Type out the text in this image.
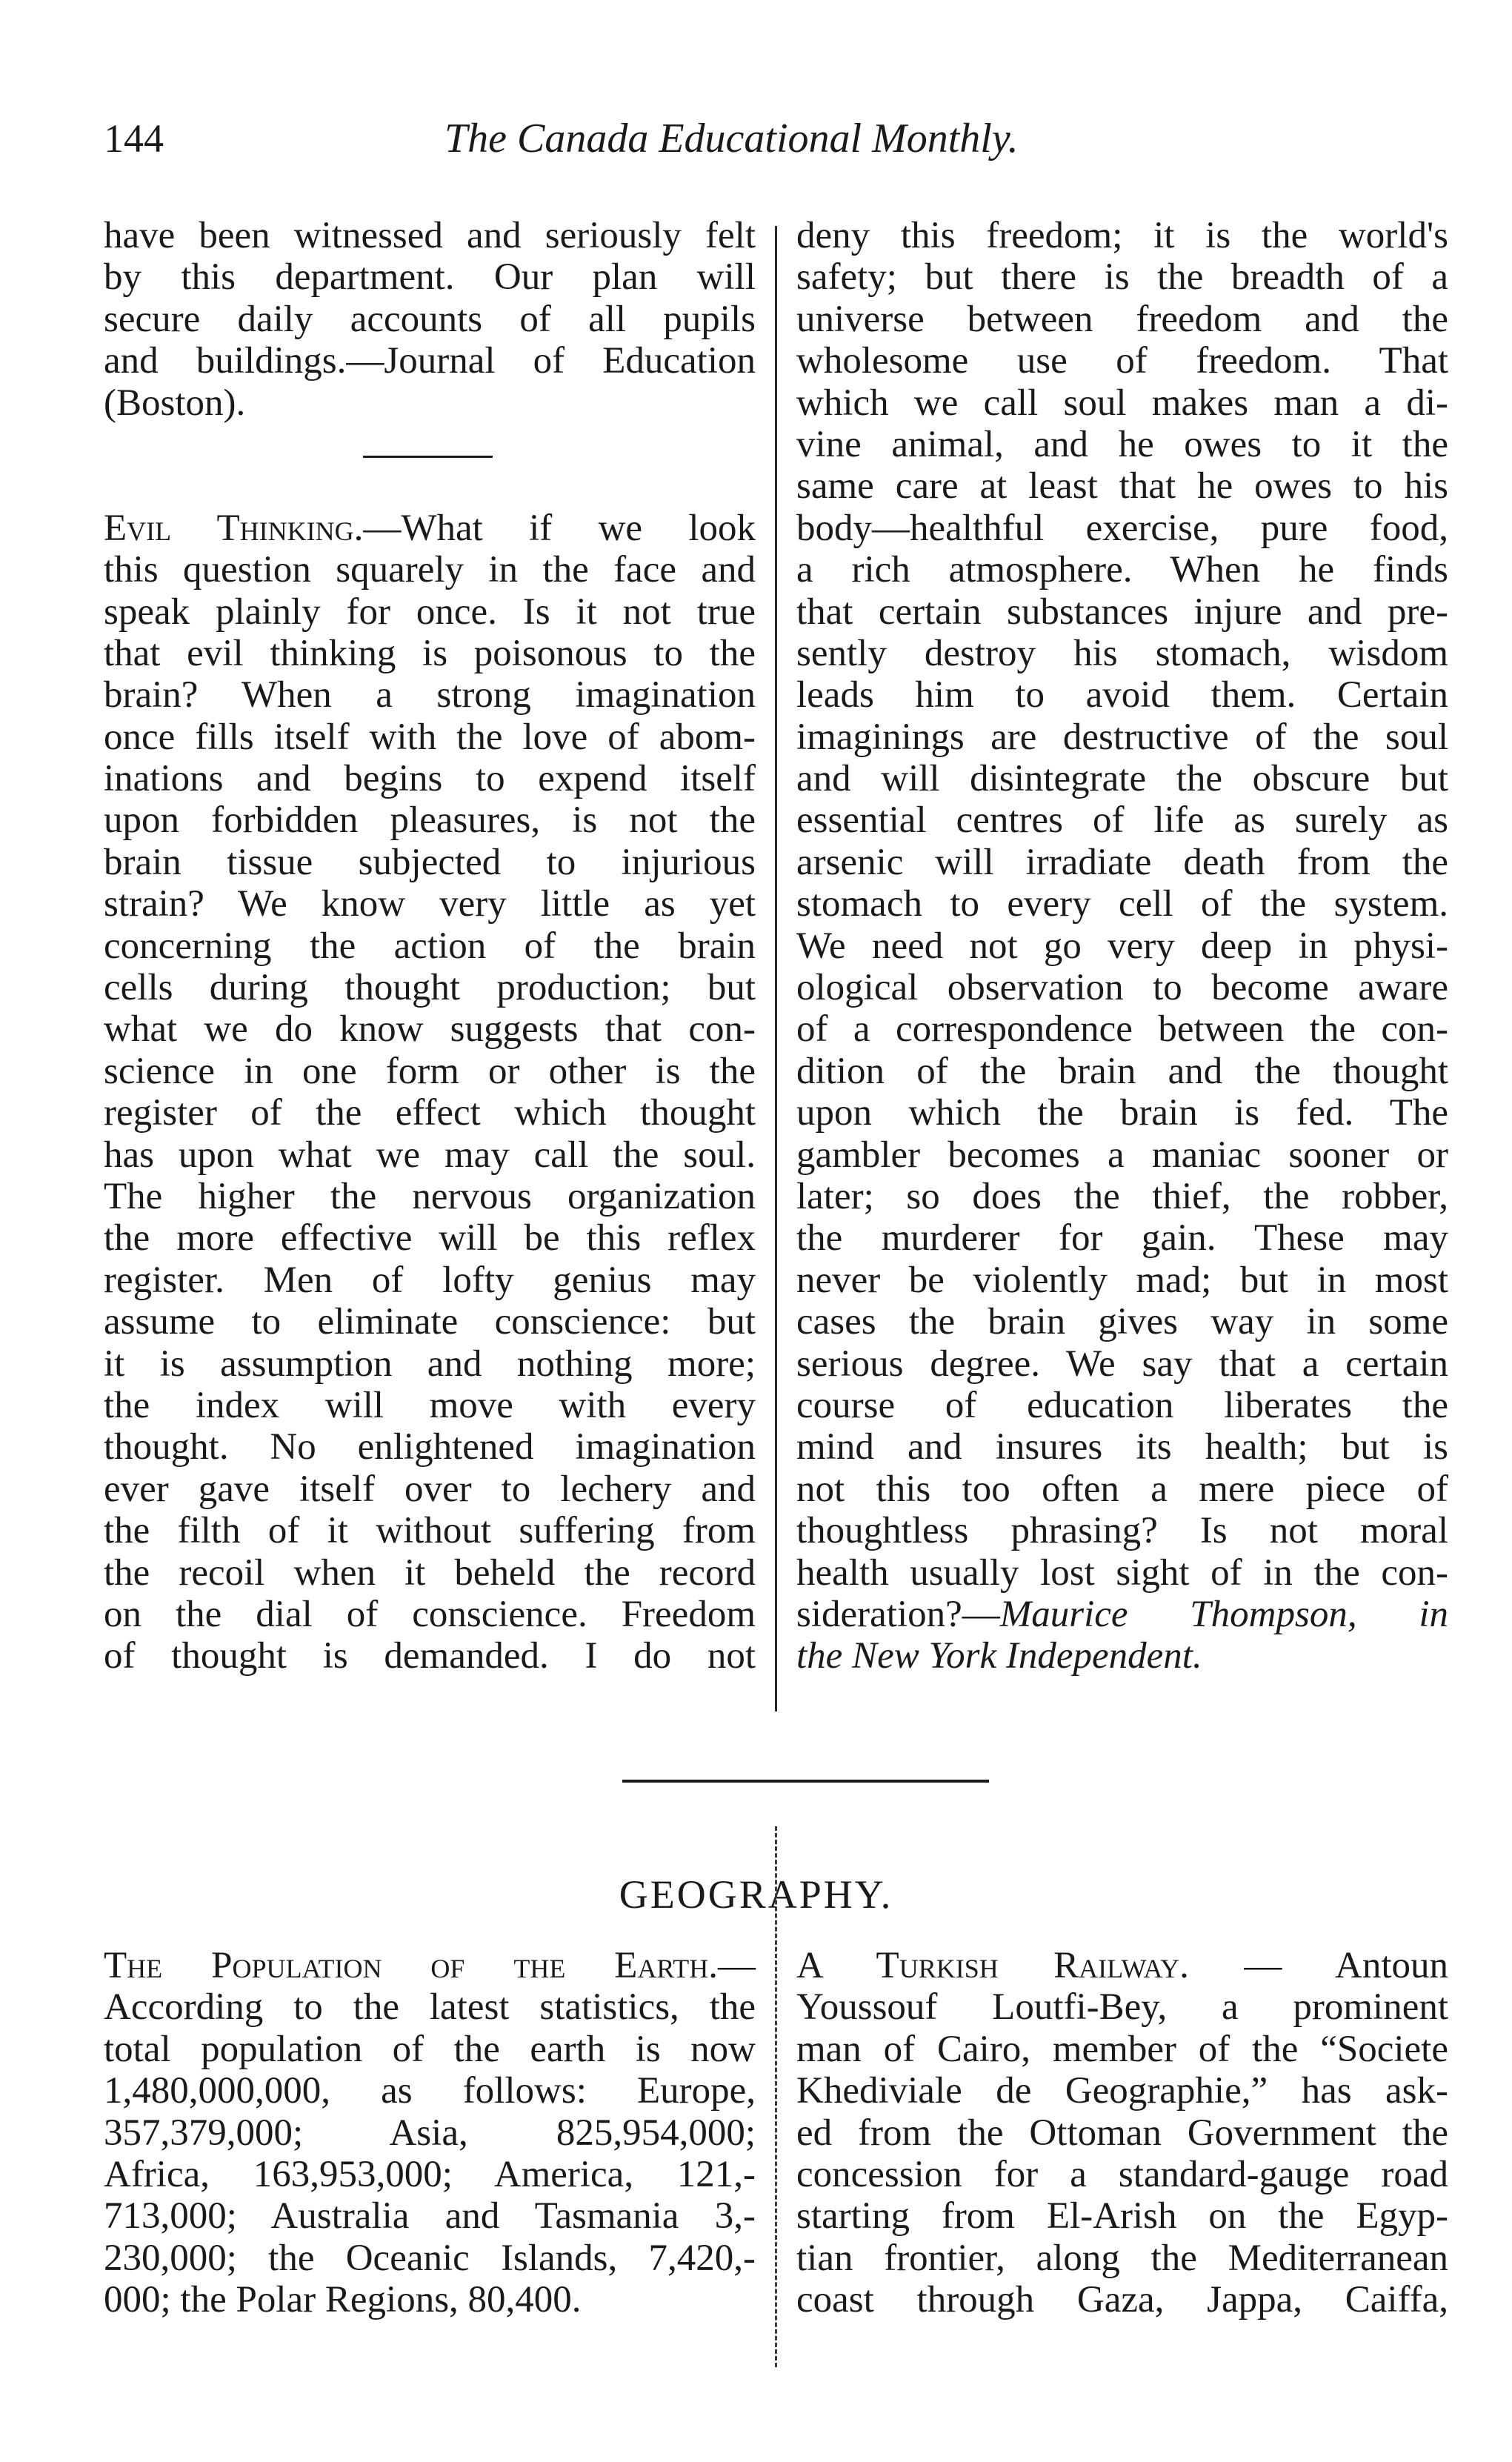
144	The Canada Educational Monthly.
have been witnessed and seriously felt
by this department. Our plan will
secure daily accounts of all pupils
and buildings.—Journal of Education
(Boston).
Evil Thinking.—What if we look
this question squarely in the face and
speak plainly for once. Is it not true
that evil thinking is poisonous to the
brain? When a strong imagination
once fills itself with the love of abom-
inations and begins to expend itself
upon forbidden pleasures, is not the
brain tissue subjected to injurious
strain? We know very little as yet
concerning the action of the brain
cells during thought production; but
what we do know suggests that con-
science in one form or other is the
register of the effect which thought
has upon what we may call the soul.
The higher the nervous organization
the more effective will be this reflex
register. Men of lofty genius may
assume to eliminate conscience: but
it is assumption and nothing more;
the index will move with every
thought. No enlightened imagination
ever gave itself over to lechery and
the filth of it without suffering from
the recoil when it beheld the record
on the dial of conscience. Freedom
of thought is demanded. I do not
deny this freedom; it is the world's
safety; but there is the breadth of a
universe between freedom and the
wholesome use of freedom. That
which we call soul makes man a di-
vine animal, and he owes to it the
same care at least that he owes to his
body—healthful exercise, pure food,
a rich atmosphere. When he finds
that certain substances injure and pre-
sently destroy his stomach, wisdom
leads him to avoid them. Certain
imaginings are destructive of the soul
and will disintegrate the obscure but
essential centres of life as surely as
arsenic will irradiate death from the
stomach to every cell of the system.
We need not go very deep in physi-
ological observation to become aware
of a correspondence between the con-
dition of the brain and the thought
upon which the brain is fed. The
gambler becomes a maniac sooner or
later; so does the thief, the robber,
the murderer for gain. These may
never be violently mad; but in most
cases the brain gives way in some
serious degree. We say that a certain
course of education liberates the
mind and insures its health; but is
not this too often a mere piece of
thoughtless phrasing? Is not moral
health usually lost sight of in the con-
sideration?—Maurice Thompson, in
the New York Independent.
GEOGRAPHY.
The Population of the Earth.—
According to the latest statistics, the
total population of the earth is now
1,480,000,000, as follows: Europe,
357,379,000; Asia, 825,954,000;
Africa, 163,953,000; America, 121,-
713,000; Australia and Tasmania 3,-
230,000; the Oceanic Islands, 7,420,-
000; the Polar Regions, 80,400.
A Turkish Railway. — Antoun
Youssouf Loutfi-Bey, a prominent
man of Cairo, member of the “Societe
Khediviale de Geographie,” has ask-
ed from the Ottoman Government the
concession for a standard-gauge road
starting from El-Arish on the Egyp-
tian frontier, along the Mediterranean
coast through Gaza, Jappa, Caiffa,
